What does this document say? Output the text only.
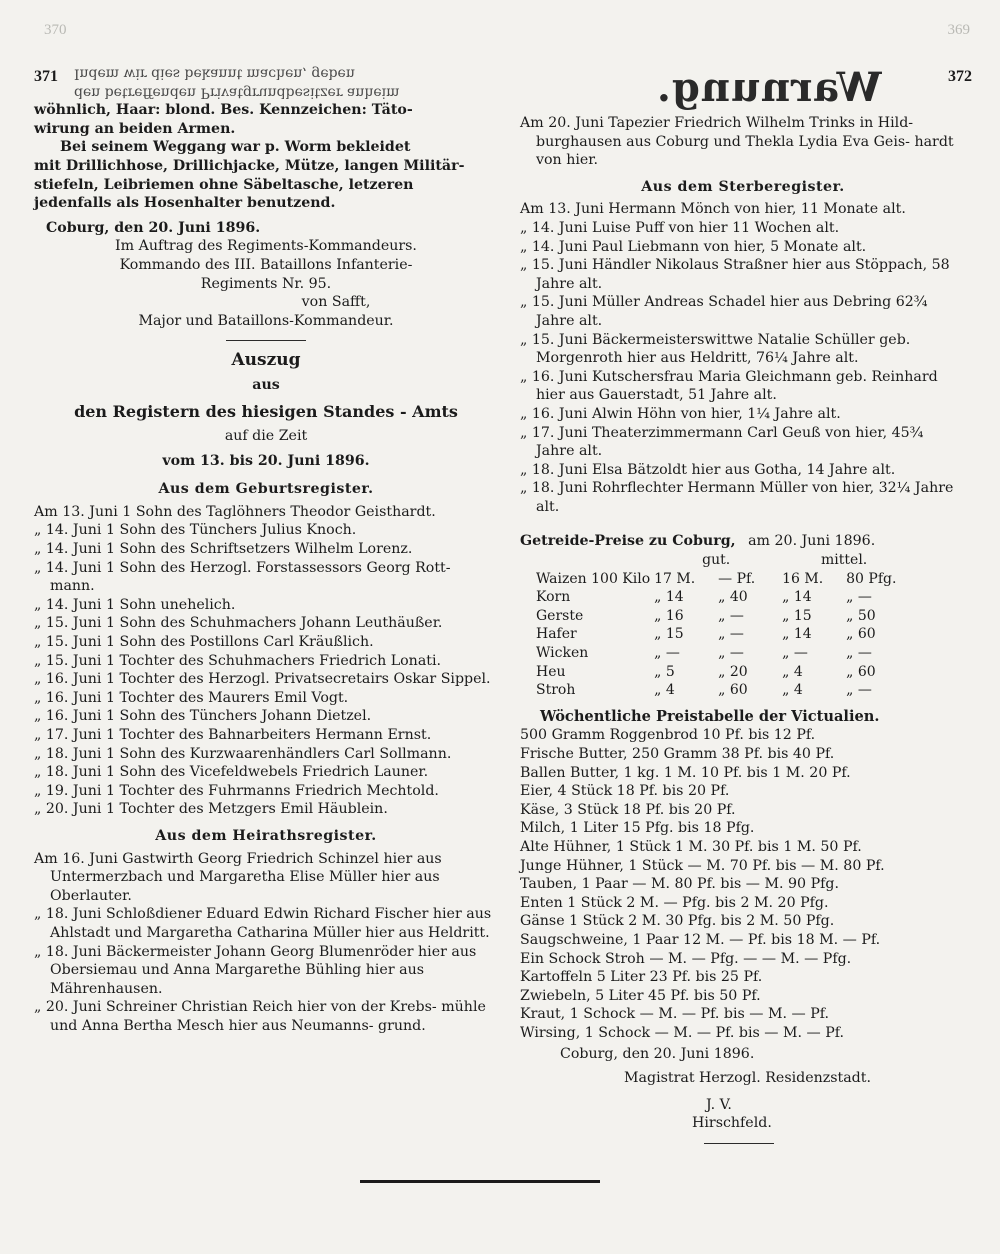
370	369
371	372
Warnung.
Indem wir dies bekannt machen, geben
den betreffenden Privatgrundbesitzer anheim

wöhnlich, Haar: blond. Bes. Kennzeichen: Täto-

wirung an beiden Armen.

Bei seinem Weggang war p. Worm bekleidet

mit Drillichhose, Drillichjacke, Mütze, langen Militär-

stiefeln, Leibriemen ohne Säbeltasche, letzeren

jedenfalls als Hosenhalter benutzend.

Coburg, den 20. Juni 1896.

Im Auftrag des Regiments-Kommandeurs.

Kommando des III. Bataillons Infanterie-

Regiments Nr. 95.

von Safft,

Major und Bataillons-Kommandeur.

Auszug

aus

den Registern des hiesigen Standes - Amts

auf die Zeit

vom 13. bis 20. Juni 1896.

Aus dem Geburtsregister.

Am 13. Juni 1 Sohn des Taglöhners Theodor Geisthardt.

„ 14. Juni 1 Sohn des Tünchers Julius Knoch.

„ 14. Juni 1 Sohn des Schriftsetzers Wilhelm Lorenz.

„ 14. Juni 1 Sohn des Herzogl. Forstassessors Georg Rott- mann.

„ 14. Juni 1 Sohn unehelich.

„ 15. Juni 1 Sohn des Schuhmachers Johann Leuthäußer.

„ 15. Juni 1 Sohn des Postillons Carl Kräußlich.

„ 15. Juni 1 Tochter des Schuhmachers Friedrich Lonati.

„ 16. Juni 1 Tochter des Herzogl. Privatsecretairs Oskar Sippel.

„ 16. Juni 1 Tochter des Maurers Emil Vogt.

„ 16. Juni 1 Sohn des Tünchers Johann Dietzel.

„ 17. Juni 1 Tochter des Bahnarbeiters Hermann Ernst.

„ 18. Juni 1 Sohn des Kurzwaarenhändlers Carl Sollmann.

„ 18. Juni 1 Sohn des Vicefeldwebels Friedrich Launer.

„ 19. Juni 1 Tochter des Fuhrmanns Friedrich Mechtold.

„ 20. Juni 1 Tochter des Metzgers Emil Häublein.

Aus dem Heirathsregister.

Am 16. Juni Gastwirth Georg Friedrich Schinzel hier aus Untermerzbach und Margaretha Elise Müller hier aus Oberlauter.

„ 18. Juni Schloßdiener Eduard Edwin Richard Fischer hier aus Ahlstadt und Margaretha Catharina Müller hier aus Heldritt.

„ 18. Juni Bäckermeister Johann Georg Blumenröder hier aus Obersiemau und Anna Margarethe Bühling hier aus Mährenhausen.

„ 20. Juni Schreiner Christian Reich hier von der Krebs- mühle und Anna Bertha Mesch hier aus Neumanns- grund.

Am 20. Juni Tapezier Friedrich Wilhelm Trinks in Hild- burghausen aus Coburg und Thekla Lydia Eva Geis- hardt von hier.

Aus dem Sterberegister.

Am 13. Juni Hermann Mönch von hier, 11 Monate alt.

„ 14. Juni Luise Puff von hier 11 Wochen alt.

„ 14. Juni Paul Liebmann von hier, 5 Monate alt.

„ 15. Juni Händler Nikolaus Straßner hier aus Stöppach, 58 Jahre alt.

„ 15. Juni Müller Andreas Schadel hier aus Debring 62¾ Jahre alt.

„ 15. Juni Bäckermeisterswittwe Natalie Schüller geb. Morgenroth hier aus Heldritt, 76¼ Jahre alt.

„ 16. Juni Kutschersfrau Maria Gleichmann geb. Reinhard hier aus Gauerstadt, 51 Jahre alt.

„ 16. Juni Alwin Höhn von hier, 1¼ Jahre alt.

„ 17. Juni Theaterzimmermann Carl Geuß von hier, 45¾ Jahre alt.

„ 18. Juni Elsa Bätzoldt hier aus Gotha, 14 Jahre alt.

„ 18. Juni Rohrflechter Hermann Müller von hier, 32¼ Jahre alt.

Getreide-Preise zu Coburg, am 20. Juni 1896.
	gut.		mittel.	
Waizen 100 Kilo	17 M.	— Pf.	16 M.	80 Pfg.
Korn	„ 14	„ 40	„ 14	„ —
Gerste	„ 16	„ —	„ 15	„ 50
Hafer	„ 15	„ —	„ 14	„ 60
Wicken	„ —	„ —	„ —	„ —
Heu	„ 5	„ 20	„ 4	„ 60
Stroh	„ 4	„ 60	„ 4	„ —

Wöchentliche Preistabelle der Victualien.

500 Gramm Roggenbrod 10 Pf. bis 12 Pf.

Frische Butter, 250 Gramm 38 Pf. bis 40 Pf.

Ballen Butter, 1 kg. 1 M. 10 Pf. bis 1 M. 20 Pf.

Eier, 4 Stück 18 Pf. bis 20 Pf.

Käse, 3 Stück 18 Pf. bis 20 Pf.

Milch, 1 Liter 15 Pfg. bis 18 Pfg.

Alte Hühner, 1 Stück 1 M. 30 Pf. bis 1 M. 50 Pf.

Junge Hühner, 1 Stück — M. 70 Pf. bis — M. 80 Pf.

Tauben, 1 Paar — M. 80 Pf. bis — M. 90 Pfg.

Enten 1 Stück 2 M. — Pfg. bis 2 M. 20 Pfg.

Gänse 1 Stück 2 M. 30 Pfg. bis 2 M. 50 Pfg.

Saugschweine, 1 Paar 12 M. — Pf. bis 18 M. — Pf.

Ein Schock Stroh — M. — Pfg. — — M. — Pfg.

Kartoffeln 5 Liter 23 Pf. bis 25 Pf.

Zwiebeln, 5 Liter 45 Pf. bis 50 Pf.

Kraut, 1 Schock — M. — Pf. bis — M. — Pf.

Wirsing, 1 Schock — M. — Pf. bis — M. — Pf.

Coburg, den 20. Juni 1896.

Magistrat Herzogl. Residenzstadt.

J. V.

Hirschfeld.
